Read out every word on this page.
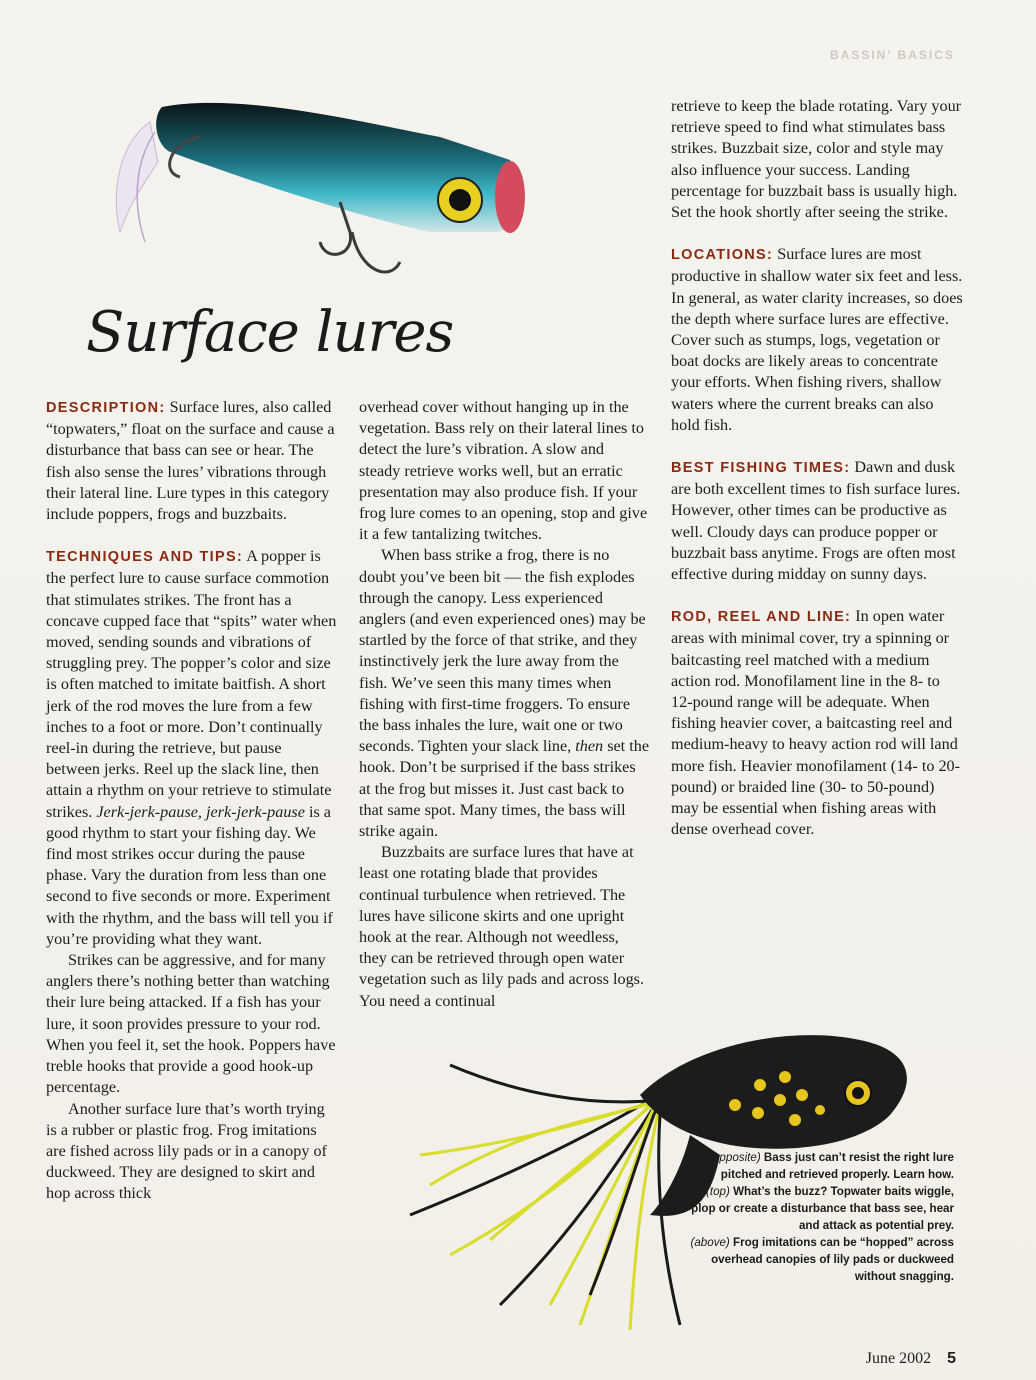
BASSIN' BASICS
Surface lures

DESCRIPTION: Surface lures, also called “topwaters,” float on the surface and cause a disturbance that bass can see or hear. The fish also sense the lures’ vibrations through their lateral line. Lure types in this category include poppers, frogs and buzzbaits.

TECHNIQUES AND TIPS: A popper is the perfect lure to cause surface commotion that stimulates strikes. The front has a concave cupped face that “spits” water when moved, sending sounds and vibrations of struggling prey. The popper’s color and size is often matched to imitate baitfish. A short jerk of the rod moves the lure from a few inches to a foot or more. Don’t continually reel-in during the retrieve, but pause between jerks. Reel up the slack line, then attain a rhythm on your retrieve to stimulate strikes. Jerk-jerk-pause, jerk-jerk-pause is a good rhythm to start your fishing day. We find most strikes occur during the pause phase. Vary the duration from less than one second to five seconds or more. Experiment with the rhythm, and the bass will tell you if you’re providing what they want.

Strikes can be aggressive, and for many anglers there’s nothing better than watching their lure being attacked. If a fish has your lure, it soon provides pressure to your rod. When you feel it, set the hook. Poppers have treble hooks that provide a good hook-up percentage.

Another surface lure that’s worth trying is a rubber or plastic frog. Frog imitations are fished across lily pads or in a canopy of duckweed. They are designed to skirt and hop across thick

overhead cover without hanging up in the vegetation. Bass rely on their lateral lines to detect the lure’s vibration. A slow and steady retrieve works well, but an erratic presentation may also produce fish. If your frog lure comes to an opening, stop and give it a few tantalizing twitches.

When bass strike a frog, there is no doubt you’ve been bit — the fish explodes through the canopy. Less experienced anglers (and even experienced ones) may be startled by the force of that strike, and they instinctively jerk the lure away from the fish. We’ve seen this many times when fishing with first-time froggers. To ensure the bass inhales the lure, wait one or two seconds. Tighten your slack line, then set the hook. Don’t be surprised if the bass strikes at the frog but misses it. Just cast back to that same spot. Many times, the bass will strike again.

Buzzbaits are surface lures that have at least one rotating blade that provides continual turbulence when retrieved. The lures have silicone skirts and one upright hook at the rear. Although not weedless, they can be retrieved through open water vegetation such as lily pads and across logs. You need a continual

retrieve to keep the blade rotating. Vary your retrieve speed to find what stimulates bass strikes. Buzzbait size, color and style may also influence your success. Landing percentage for buzzbait bass is usually high. Set the hook shortly after seeing the strike.

LOCATIONS: Surface lures are most productive in shallow water six feet and less. In general, as water clarity increases, so does the depth where surface lures are effective. Cover such as stumps, logs, vegetation or boat docks are likely areas to concentrate your efforts. When fishing rivers, shallow waters where the current breaks can also hold fish.

BEST FISHING TIMES: Dawn and dusk are both excellent times to fish surface lures. However, other times can be productive as well. Cloudy days can produce popper or buzzbait bass anytime. Frogs are often most effective during midday on sunny days.

ROD, REEL AND LINE: In open water areas with minimal cover, try a spinning or baitcasting reel matched with a medium action rod. Monofilament line in the 8- to 12-pound range will be adequate. When fishing heavier cover, a baitcasting reel and medium-heavy to heavy action rod will land more fish. Heavier monofilament (14- to 20-pound) or braided line (30- to 50-pound) may be essential when fishing areas with dense overhead cover.

(opposite) Bass just can’t resist the right lure pitched and retrieved properly. Learn how.

(top) What’s the buzz? Topwater baits wiggle, plop or create a disturbance that bass see, hear and attack as potential prey.

(above) Frog imitations can be “hopped” across overhead canopies of lily pads or duckweed without snagging.

June 2002 5
